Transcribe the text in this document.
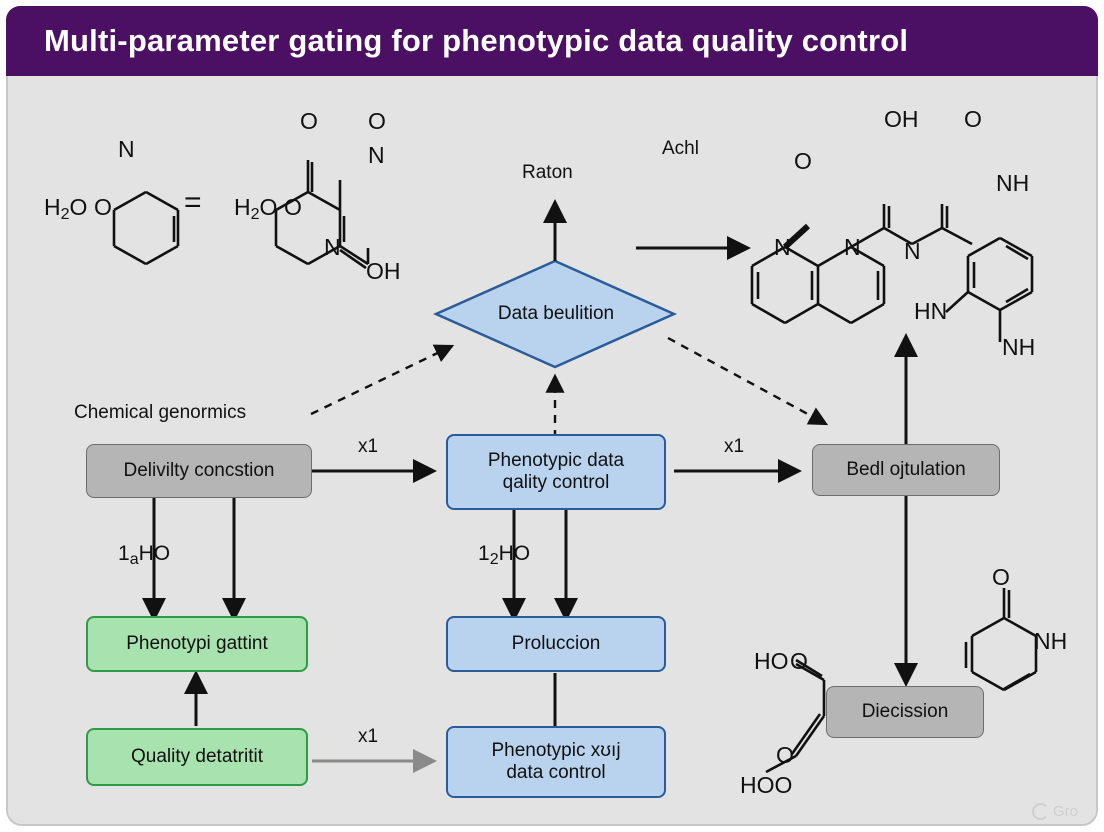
Multi-parameter gating for phenotypic data quality control
Delivilty concstion	Phenotypic data
qality control
Bedl ojtulation
Phenotypi gattint	Proluccion
Quality detatritit	Phenotypic xʊıj
data control
Diecission
Data beulition
Raton
Chemical genormics
Achl
x1	x1
x1
$1_aHO$	$1_2HO$
$H_2O$ O
N
= $H_2O$ O
N
O
N
O
OH
O
OH O
N
NH
N N
HN
NH
O
NH
HO O
O
HOO
Gro
